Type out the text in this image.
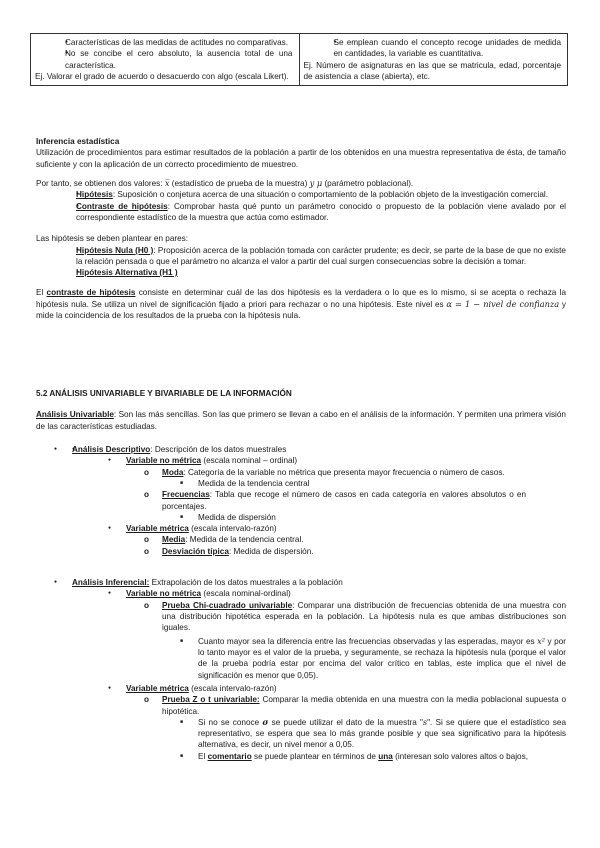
● Características de las medidas de actitudes no comparativas.
● No se concibe el cero absoluto, la ausencia total de una característica.
Ej. Valorar el grado de acuerdo o desacuerdo con algo (escala Likert).

● Se emplean cuando el concepto recoge unidades de medida en cantidades, la variable es cuantitativa.
Ej. Número de asignaturas en las que se matricula, edad, porcentaje de asistencia a clase (abierta), etc.
Inferencia estadística
Utilización de procedimientos para estimar resultados de la población a partir de los obtenidos en una muestra representativa de ésta, de tamaño suficiente y con la aplicación de un correcto procedimiento de muestreo.
Por tanto, se obtienen dos valores: x̅ (estadístico de prueba de la muestra) y μ (parámetro poblacional).
● Hipótesis: Suposición o conjetura acerca de una situación o comportamiento de la población objeto de la investigación comercial.
● Contraste de hipótesis: Comprobar hasta qué punto un parámetro conocido o propuesto de la población viene avalado por el correspondiente estadístico de la muestra que actúa como estimador.
Las hipótesis se deben plantear en pares:
● Hipótesis Nula (H0 ): Proposición acerca de la población tomada con carácter prudente; es decir, se parte de la base de que no existe la relación pensada o que el parámetro no alcanza el valor a partir del cual surgen consecuencias sobre la decisión a tomar.
● Hipótesis Alternativa (H1 )
El contraste de hipótesis consiste en determinar cuál de las dos hipótesis es la verdadera o lo que es lo mismo, si se acepta o rechaza la hipótesis nula. Se utiliza un nivel de significación fijado a priori para rechazar o no una hipótesis. Este nivel es α = 1 − nivel de confianza y mide la coincidencia de los resultados de la prueba con la hipótesis nula.
5.2 ANÁLISIS UNIVARIABLE Y BIVARIABLE DE LA INFORMACIÓN
Análisis Univariable: Son las más sencillas. Son las que primero se llevan a cabo en el análisis de la información. Y permiten una primera visión de las características estudiadas.
● ● Análisis Descriptivo: Descripción de los datos muestrales
● Variable no métrica (escala nominal – ordinal)
o Moda: Categoría de la variable no métrica que presenta mayor frecuencia o número de casos.
■ Medida de la tendencia central
o Frecuencias: Tabla que recoge el número de casos en cada categoría en valores absolutos o en porcentajes.
■ Medida de dispersión
● Variable métrica (escala intervalo-razón)
o Media: Medida de la tendencia central.
o Desviación típica: Medida de dispersión.
● Análisis Inferencial: Extrapolación de los datos muestrales a la población
● Variable no métrica (escala nominal-ordinal)
o Prueba Chi-cuadrado univariable: Comparar una distribución de frecuencias obtenida de una muestra con una distribución hipotética esperada en la población. La hipótesis nula es que ambas distribuciones son iguales.
■ Cuanto mayor sea la diferencia entre las frecuencias observadas y las esperadas, mayor es x² y por lo tanto mayor es el valor de la prueba, y seguramente, se rechaza la hipótesis nula (porque el valor de la prueba podría estar por encima del valor crítico en tablas, este implica que el nivel de significación es menor que 0,05).
● Variable métrica (escala intervalo-razón)
o Prueba Z o t univariable: Comparar la media obtenida en una muestra con la media poblacional supuesta o hipotética.
■ Si no se conoce σ se puede utilizar el dato de la muestra "s". Si se quiere que el estadístico sea representativo, se espera que sea lo más grande posible y que sea significativo para la hipótesis alternativa, es decir, un nivel menor a 0,05.
■ El comentario se puede plantear en términos de una (interesan solo valores altos o bajos,
